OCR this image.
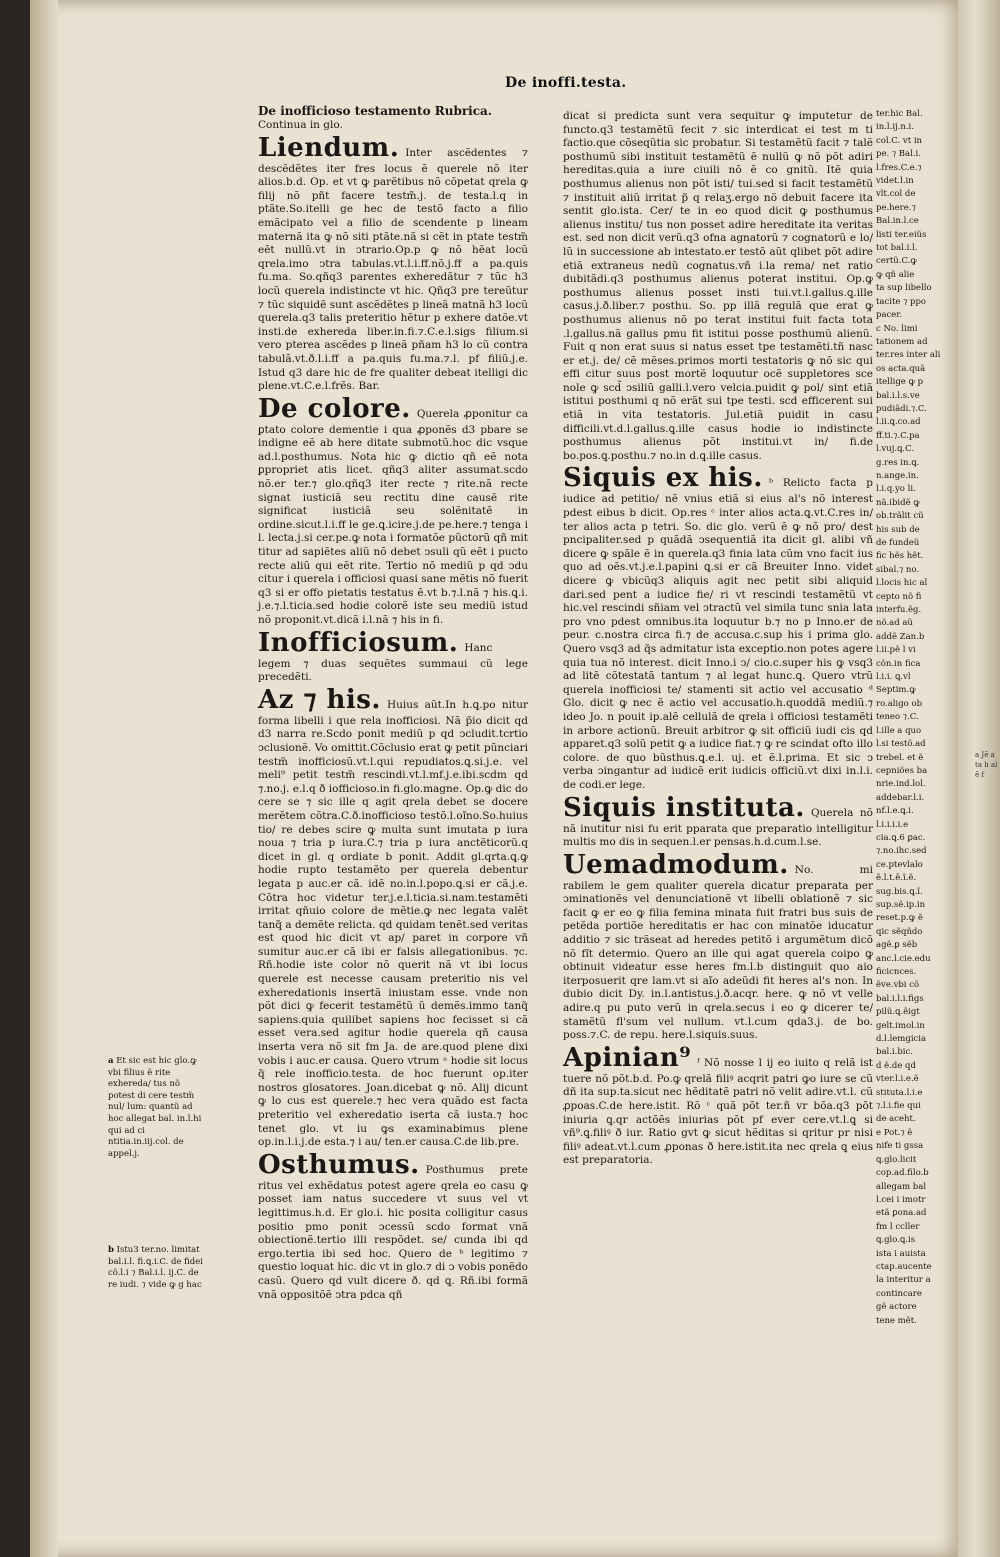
a Jẽ a ta h al ẽ f
De inoffi.testa.
De inofficioso testamento Rubrica.

Continua in glo.

Liendum. Inter ascẽdentes ⁊ descẽdẽtes iter fres locus ẽ querele nõ iter alios.b.d. Op. et vt ꝙ parẽtibus nõ cõpetat qrela ꝙ filij nõ pñt facere testm̃.j. de testa.l.q in ptãte.So.itelli ge hec de testõ facto a filio emãcipato vel a filio de scendente p lineam maternã ita ꝙ nõ siti ptãte.nã si cẽt in ptate testm̃ eẽt nullũ.vt in ↄtrario.Op.p ꝙ nõ hẽat locũ qrela.imo ↄtra tabulas.vt.l.i.ff.nõ.j.ff a pa.quis fu.ma. So.qñq3 parentes exheredãtur ⁊ tũc h3 locũ querela indistincte vt hic. Qñq3 pre tereũtur ⁊ tũc siquidẽ sunt ascẽdẽtes p lineã matnã h3 locũ querela.q3 talis preteritio hẽtur p exhere datõe.vt insti.de exhereda liber.in.fi.⁊.C.e.l.sigs filium.si vero pterea ascẽdes p lineã pñam h3 lo cũ contra tabulã.vt.ð.l.i.ff a pa.quis fu.ma.⁊.l. pf filiũ.j.e. Istud q3 dare hic de fre qualiter debeat itelligi dic plene.vt.C.e.l.frẽs. Bar.

De colore. Querela ꝓponitur ca ꝑtato colore dementie i qua ꝓponẽs d3 pbare se indigne eẽ ab here ditate submotũ.hoc dic vsque ad.l.posthumus. Nota hic ꝙ dictio qñ eẽ nota ꝑpropriet atis licet. qñq3 aliter assumat.scdo nõ.er ter.⁊ glo.qñq3 iter recte ⁊ rite.nã recte signat iusticiã seu rectitu dine causẽ rite significat iusticiã seu solẽnitatẽ in ordine.sicut.l.i.ff le ge.ꝗ.icire.j.de pe.here.⁊ tenga i l. lecta.j.si cer.pe.ꝙ nota i formatõe pũctorũ qñ mit titur ad sapiẽtes aliũ nõ debet ↄsuli qũ eẽt i pucto recte aliũ qui eẽt rite. Tertio nõ mediũ p qd ↄdu citur i querela i officiosi quasi sane mẽtis nõ fuerit q3 si er offo pietatis testatus ẽ.vt b.⁊.l.nã ⁊ his.ꝗ.i. j.e.⁊.l.ticia.sed hodie colorẽ iste seu mediũ istud nõ proponit.vt.dicã i.l.nã ⁊ his in fi.

Inofficiosum. Hanc legem ⁊ duas sequẽtes summaui cũ lege precedẽti.

Az ⁊ his. Huius aũt.In h.ꝗ.po nitur forma libelli i que rela inofficiosi. Nã p̃io dicit qd d3 narra re.Scdo ponit mediũ p qd ↄcludit.tcrtio ↄclusionẽ. Vo omittit.Cõclusio erat ꝙ petit pũnciari testm̃ inofficiosũ.vt.l.qui repudiatos.ꝗ.si.j.e. vel meli⁹ petit testm̃ rescindi.vt.l.mf.j.e.ibi.scdm qd ⁊.no.j. e.l.q ð iofficioso.in fi.glo.magne. Op.ꝙ dic do cere se ⁊ sic ille q agit qrela debet se docere merẽtem cõtra.C.ð.inofficioso testõ.l.oĩno.So.huius tio/ re debes scire ꝙ multa sunt imutata p iura noua ⁊ tria p iura.C.⁊ tria p iura anctẽticorũ.q dicet in gl. q ordiate b ponit. Addit gl.qrta.ꝗ.ꝙ hodie rupto testamẽto per querela debentur legata p auc.er cã. idẽ no.in.l.popo.ꝗ.si er cã.j.e. Cõtra hoc videtur ter.j.e.l.ticia.si.nam.testamẽti irritat qñuio colore de mẽtie.ꝙ nec legata valẽt tanq̃ a demẽte relicta. qd quidam tenẽt.sed veritas est quod hic dicit vt ap/ paret in corpore vñ sumitur auc.er cã ibi er falsis allegationibus. ⁊c. Rñ.hodie iste color nõ querit nã vt ibi locus querele est necesse causam preteritio nis vel exheredationis insertã iniustam esse. vnde non põt dici ꝙ fecerit testamẽtũ ũ demẽs.immo tanq̃ sapiens.quia quilibet sapiens hoc fecisset si cã esset vera.sed agitur hodie querela qñ causa inserta vera nõ sit fm Ja. de are.quod plene dixi vobis i auc.er causa. Quero vtrum ᵃ hodie sit locus q̃ rele inofficio.testa. de hoc fuerunt op.iter nostros glosatores. Joan.dicebat ꝙ nõ. Alij dicunt ꝙ lo cus est querele.⁊ hec vera quãdo est facta preteritio vel exheredatio iserta cã iusta.⁊ hoc tenet glo. vt iu ꝙs examinabimus plene op.in.l.i.j.de esta.⁊ i au/ ten.er causa.C.de lib.pre.

Osthumus. Posthumus prete ritus vel exhẽdatus potest agere qrela eo casu ꝙ posset iam natus succedere vt suus vel vt legittimus.h.d. Er glo.i. hic posita colligitur casus positio pmo ponit ↄcessũ scdo format vnã obiectionẽ.tertio illi respõdet. se/ cunda ibi qd ergo.tertia ibi sed hoc. Quero de ᵇ legitimo ⁊ questio loquat hic. dic vt in glo.⁊ di ↄ vobis ponẽdo casũ. Quero qd vult dicere ð. qd ꝗ. Rñ.ibi formã vnã oppositõẽ ↄtra pdca qñ

dicat si predicta sunt vera sequitur ꝙ imputetur de functo.q3 testamẽtũ fecit ⁊ sic interdicat ei test m ti factio.que cõseqũtia sic probatur. Si testamẽtũ facit ⁊ talẽ posthumũ sibi instituit testamẽtũ ẽ nullũ ꝙ nõ põt adiri hereditas.quia a iure ciuili nõ ẽ co gnitũ. Itẽ quia posthumus alienus non põt isti/ tui.sed si facit testamẽtũ ⁊ instituit aliũ irritat p̃ q relaʒ.ergo nõ debuit facere ita sentit glo.ista. Cer/ te in eo quod dicit ꝙ posthumus alienus institu/ tus non posset adire hereditate ita veritas est. sed non dicit verũ.q3 ofna agnatorũ ⁊ cognatorũ e lo/ lũ in successione ab intestato.er testõ aũt qlibet põt adire etiã extraneus nedũ cognatus.vñ i.la rema/ net ratio dubitãdi.q3 posthumus alienus poterat institui. Op.ꝙ posthumus alienus posset insti tui.vt.l.gallus.ꝗ.ille casus.j.ð.liber.⁊ posthu. So. pp illã regulã que erat ꝙ posthumus alienus nõ po terat institui fuit facta tota .l.gallus.nã gallus pmu fit istitui posse posthumũ alienũ. Fuit q non erat suus si natus esset tpe testamẽti.tñ nasc er et.j. de/ cẽ mẽses.primos morti testatoris ꝙ nõ sic qui effi citur suus post mortẽ loquutur ocẽ suppletores sce nole ꝙ scd̃ ↄsiliũ galli.l.vero velcia.puidit ꝙ pol/ sint etiã istitui posthumi q nõ erãt sui tpe testi. scd efficerent sui etiã in vita testatoris. Jul.etiã puidit in casu difficili.vt.d.l.gallus.ꝗ.ille casus hodie io indistincte posthumus alienus põt institui.vt in/ fi.de bo.pos.ꝗ.posthu.⁊ no.in d.ꝗ.ille casus.

Siquis ex his. ᵇ Relicto facta p iudice ad petitio/ nẽ vnius etiã si eius al's nõ interest pdest eibus b dicit. Op.res ᶜ inter alios acta.ꝗ.vt.C.res in/ ter alios acta p tetri. So. dic glo. verũ ẽ ꝙ nõ pro/ dest pncipaliter.sed p quãdã ↄsequentiã ita dicit gl. alibi vñ dicere ꝙ spãle ẽ in querela.q3 finia lata cũm vno facit ius quo ad oẽs.vt.j.e.l.papini ꝗ.si er cã Breuiter Inno. videt dicere ꝙ vbicũq3 aliquis agit nec petit sibi aliquid dari.sed pent a iudice fie/ ri vt rescindi testamẽtũ vt hic.vel rescindi sñiam vel ↄtractũ vel simila tunc snia lata pro vno pdest omnibus.ita loquutur b.⁊ no p Inno.er de peur. c.nostra circa fi.⁊ de accusa.c.sup his i prima glo. Quero vsq3 ad q̃s admitatur ista exceptio.non potes agere quia tua nõ interest. dicit Inno.i ↄ/ cio.c.super his ꝙ vsq3 ad litẽ cõtestatã tantum ⁊ al legat hunc.ꝗ. Quero vtrũ querela inofficiosi te/ stamenti sit actio vel accusatio ᵈ Glo. dicit ꝙ nec ẽ actio vel accusatio.h.quoddã mediũ.⁊ ideo Jo. n pouit ip.alẽ cellulã de qrela i officiosi testamẽti in arbore actionũ. Breuit arbitror ꝙ sit officiũ iudi cis qd apparet.q3 solũ petit ꝙ a iudice fiat.⁊ ꝙ re scindat ofto illo colore. de quo bũsthus.ꝗ.e.l. uj. et ẽ.l.prima. Et sic ↄ verba ↄingantur ad iudicẽ erit iudicis officiũ.vt dixi in.l.i. de codi.er lege.

Siquis instituta. Querela nõ nã inutitur nisi fu erit pparata que preparatio intelligitur multis mo dis in sequen.l.er pensas.h.d.cum.l.se.

Uemadmodum. No. mi rabilem le gem qualiter querela dicatur preparata per ↄminationẽs vel denunciationẽ vt libelli oblationẽ ⁊ sic facit ꝙ er eo ꝙ filia femina minata fuit fratri bus suis de petẽda portiõe hereditatis er hac con minatõe iducatur additio ⁊ sic trãseat ad heredes petitõ i argumẽtum dicõ nõ fĩt determio. Quero an ille qui agat querela coipo ꝙ obtinuit videatur esse heres fm.l.b distinguit quo aio iterposuerit qre lam.vt si aĩo adeũdi fit heres al's non. In dubio dicit Dy. in.l.antistus.j.ð.acqr. here. ꝙ nõ vt velle adire.q pu puto verũ in qrela.secus i eo ꝙ dicerer te/ stamẽtũ fl'sum vel nullum. vt.l.cum qda3.j. de bo. poss.⁊.C. de repu. here.l.siquis.suus.

Apinian⁹ ᶠ Nõ nosse l ij eo iuito q relã ist tuere nõ põt.b.d. Po.ꝙ qrelã filiꝰ acqrit patri ꝙo iure se cũ dñ ita sup.ta.sicut nec hẽditatẽ patri nõ velit adire.vt.l. cũ ꝓpoas.C.de here.istit. Rõ ᶜ quã põt ter.ñ vr bõa.q3 põt iniuria ꝗ.qr actõẽs iniurias põt pf ever cere.vt.l.ꝗ si vñ⁹.ꝗ.filiꝰ ð iur. Ratio gvt ꝙ sicut hẽditas si qritur pr nisi filiꝰ adeat.vt.l.cum ꝓponas ð here.istit.ita nec qrela ꝗ eius est preparatoria.

ter.hic Bal.
in.l.ij.n.i.
col.C. vt in
pe. ⁊ Bal.i.
l.fres.C.e.⁊
videt.l.in
vlt.col de
pe.here.⁊
Bal.in.l.ce
listi ter.eiũs
tot bal.i.l.
certũ.C.ꝙ
ꝙ qñ alie
ta sup libello
tacite ⁊ ppo
pacer.
c No. limi
tationem ad
ter.res inter ali
os acta.quã
itellige ꝙ p
bal.i.l.s.ve
pudiãdi.⁊.C.
l.ii.ꝗ.co.ad
ff.ti.⁊.C.pa
l.vuj.ꝗ.C.
g.res in.ꝗ.
n.ange.in.
l.i.q.yo li.
nã.ibidẽ ꝙ
ob.trãlit cũ
his sub de
de fundeũ
fic hẽs hẽt.
sibal.⁊ no.
l.locis hic al
cepto nõ fi
interfu.ẽg.
nõ.ad aũ
addẽ Zan.b
l.ii.pẽ l vi
cõn.in fica
l.i.i. ꝗ.vl
Septim.ꝙ
ro.aligo ob
teneo ⁊.C.
l.ille a quo
l.si testõ.ad
trebel. et ẽ
cepniões ba
nrie.ind.lol.
addebar.l.i.
nf.l.e.ꝗ.i.
l.i.i.i.i.e
cia.ꝗ.6 ꝑac.
⁊.no.ihc.sed
ce.ptevlalo
ẽ.l.t.ẽ.ĩ.ẽ.
sug.bis.ꝗ.ĩ.
sup.sẽ.ip.in
reset.p.ꝙ ẽ
qic sẽqñdo
agẽ.ꝑ sẽb
anc.l.cie.edu
ficicnces.
ẽve.vbi cõ
bal.i.l.i.figs
pilũ.ꝗ.ẽigt
gelt.imol.in
d.l.lemgicia
bal.i.bic.
d ẽ.de qd
vter.l.i.e.ẽ
stituta.l.i.e
⁊.l.i.fie qui
de aceht.
e Pot.⁊ ẽ
nife ti gssa
ꝗ.glo.licit
cop.ad.filo.b
allegam bal
l.cei i imotr
etã ꝑona.ad
fm l ccller
ꝗ.glo.ꝗ.is
ista i auista
ctap.aucente
la interitur a
contincare
gẽ actore
tene mẽt.
a Et sic est hic glo.ꝙ vbi filius ẽ rite exhereda/ tus nõ potest di cere testm̃ nul/ lum: quantũ ad hoc allegat bal. in.l.hi qui ad ci ntitia.in.iij.col. de appel.j.
b Istu3 ter.no. limitat bal.i.l. fi.ꝗ.i.C. de fidei cõ.l.i ⁊ Bal.i.l. ij.C. de re iudi. ⁊ vide ꝙ g hac
